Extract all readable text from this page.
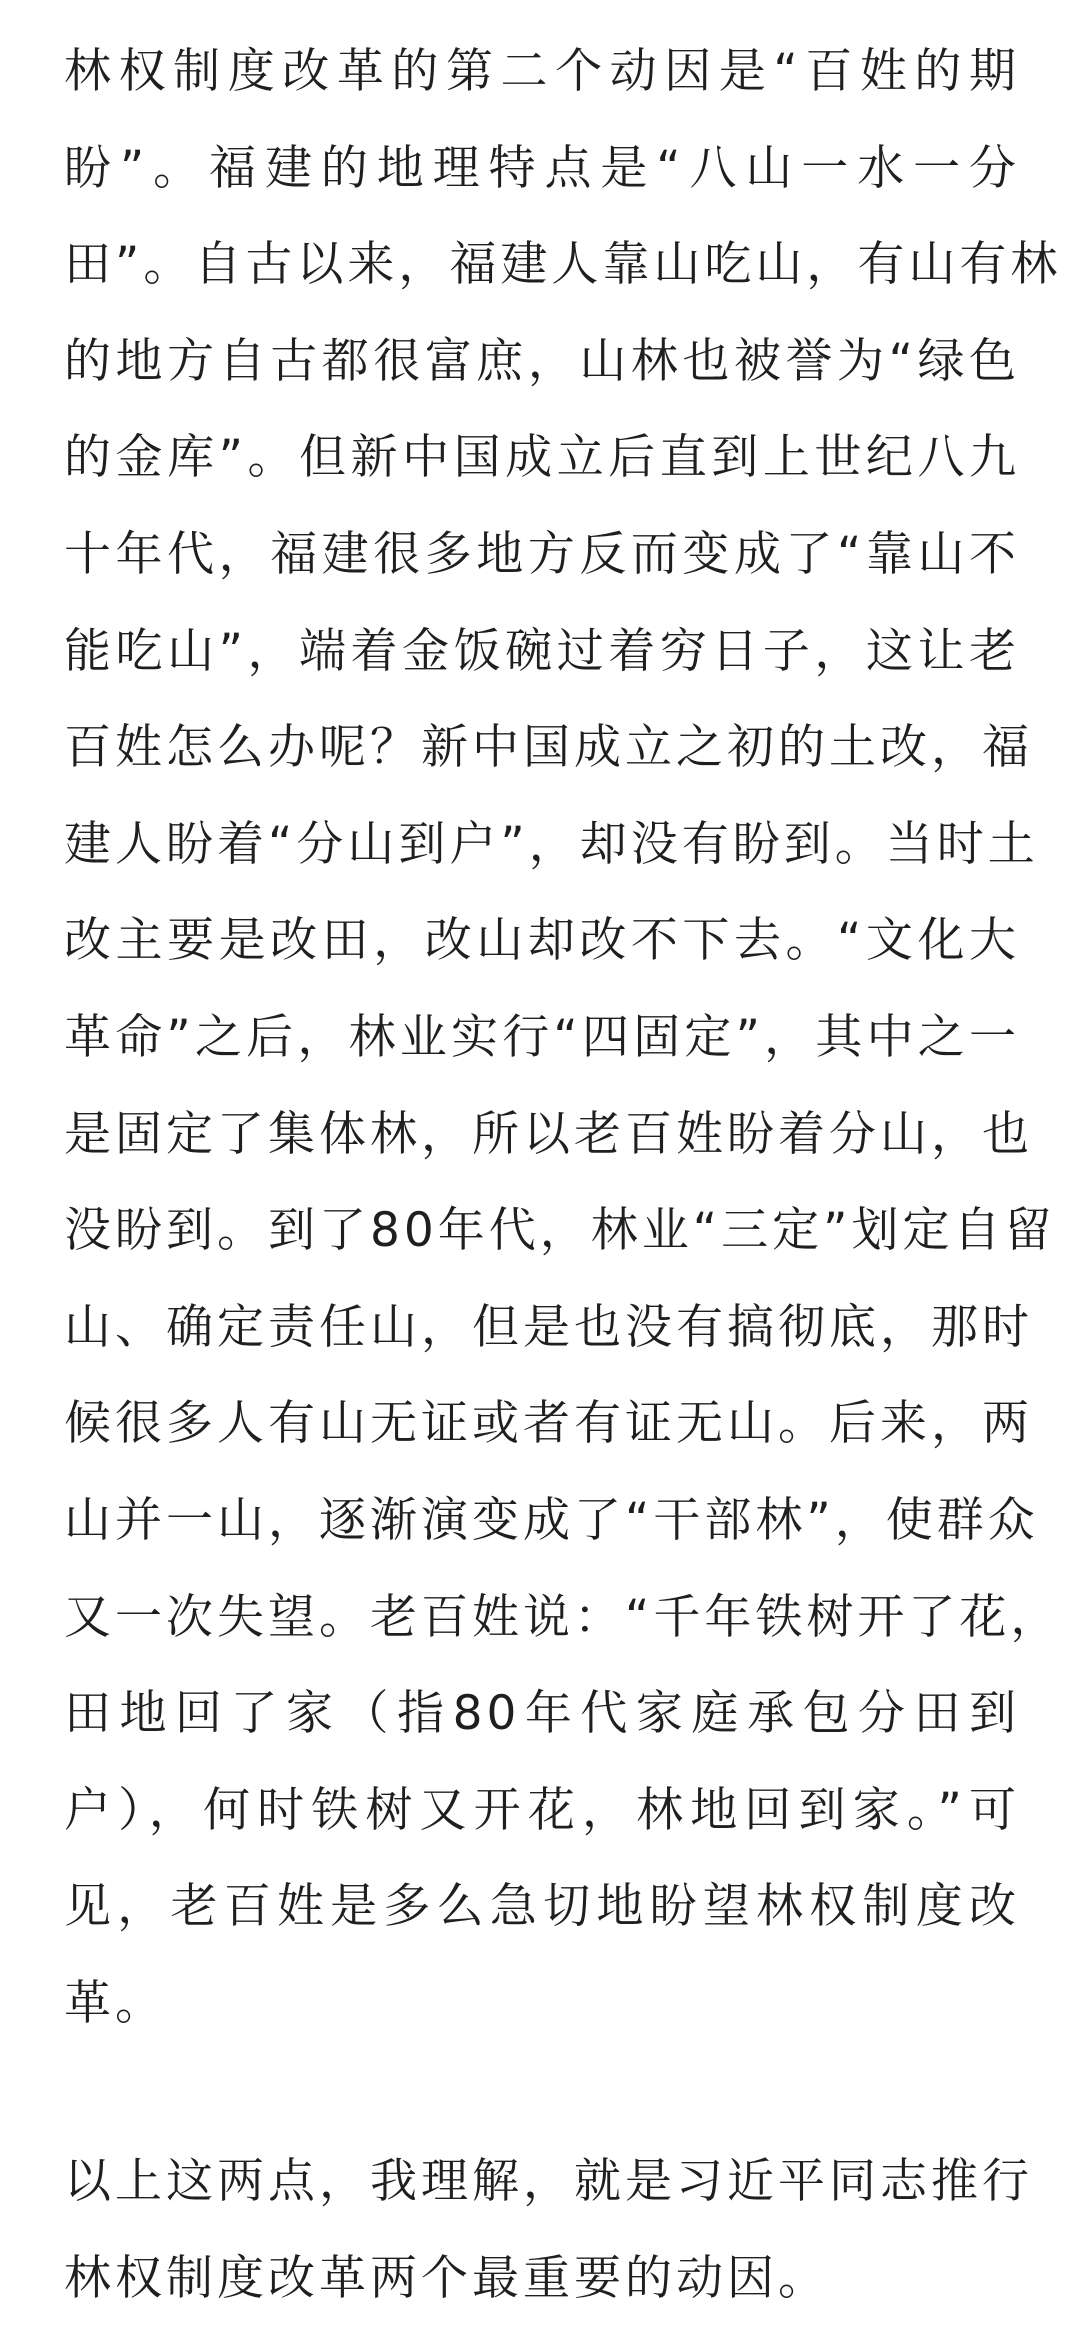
林权制度改革的第二个动因是“百姓的期
盼”。福建的地理特点是“八山一水一分
田”。自古以来，福建人靠山吃山，有山有林
的地方自古都很富庶，山林也被誉为“绿色
的金库”。但新中国成立后直到上世纪八九
十年代，福建很多地方反而变成了“靠山不
能吃山”，端着金饭碗过着穷日子，这让老
百姓怎么办呢？新中国成立之初的土改，福
建人盼着“分山到户”，却没有盼到。当时土
改主要是改田，改山却改不下去。“文化大
革命”之后，林业实行“四固定”，其中之一
是固定了集体林，所以老百姓盼着分山，也
没盼到。到了80年代，林业“三定”划定自留
山、确定责任山，但是也没有搞彻底，那时
候很多人有山无证或者有证无山。后来，两
山并一山，逐渐演变成了“干部林”，使群众
又一次失望。老百姓说：“千年铁树开了花，
田地回了家（指80年代家庭承包分田到
户），何时铁树又开花，林地回到家。”可
见，老百姓是多么急切地盼望林权制度改
革。
以上这两点，我理解，就是习近平同志推行
林权制度改革两个最重要的动因。
